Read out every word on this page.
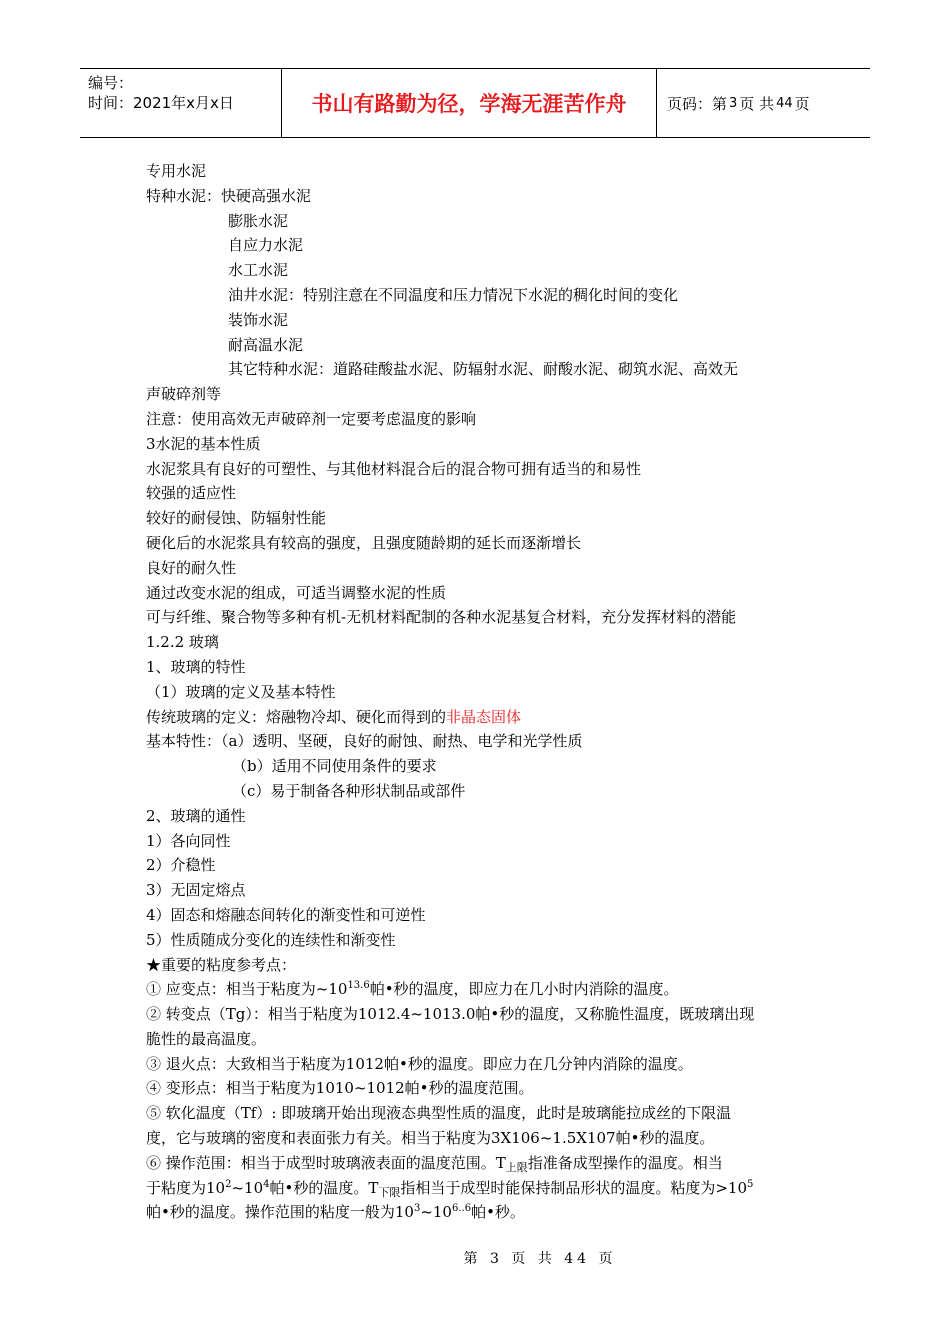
编号：
时间：2021年x月x日	书山有路勤为径，学海无涯苦作舟	页码：第 3 页 共 44 页
专用水泥
特种水泥：快硬高强水泥
膨胀水泥
自应力水泥
水工水泥
油井水泥：特别注意在不同温度和压力情况下水泥的稠化时间的变化
装饰水泥
耐高温水泥
其它特种水泥：道路硅酸盐水泥、防辐射水泥、耐酸水泥、砌筑水泥、高效无
声破碎剂等
注意：使用高效无声破碎剂一定要考虑温度的影响
3水泥的基本性质
水泥浆具有良好的可塑性、与其他材料混合后的混合物可拥有适当的和易性
较强的适应性
较好的耐侵蚀、防辐射性能
硬化后的水泥浆具有较高的强度，且强度随龄期的延长而逐渐增长
良好的耐久性
通过改变水泥的组成，可适当调整水泥的性质
可与纤维、聚合物等多种有机-无机材料配制的各种水泥基复合材料，充分发挥材料的潜能
1.2.2 玻璃
1、玻璃的特性
（1）玻璃的定义及基本特性
传统玻璃的定义：熔融物冷却、硬化而得到的非晶态固体
基本特性：（a）透明、坚硬，良好的耐蚀、耐热、电学和光学性质
（b）适用不同使用条件的要求
（c）易于制备各种形状制品或部件
2、玻璃的通性
1）各向同性
2）介稳性
3）无固定熔点
4）固态和熔融态间转化的渐变性和可逆性
5）性质随成分变化的连续性和渐变性
★重要的粘度参考点：
① 应变点：相当于粘度为$\sim 10^{13.6}$帕•秒的温度，即应力在几小时内消除的温度。
② 转变点（Tg）：相当于粘度为1012.4~1013.0帕•秒的温度，又称脆性温度，既玻璃出现
脆性的最高温度。
③ 退火点：大致相当于粘度为1012帕•秒的温度。即应力在几分钟内消除的温度。
④ 变形点：相当于粘度为1010~1012帕•秒的温度范围。
⑤ 软化温度（Tf）: 即玻璃开始出现液态典型性质的温度，此时是玻璃能拉成丝的下限温
度，它与玻璃的密度和表面张力有关。相当于粘度为3X106~1.5X107帕•秒的温度。
⑥ 操作范围：相当于成型时玻璃液表面的温度范围。$T_{上限}$指准备成型操作的温度。相当
于粘度为$10^2\sim 10^4$帕•秒的温度。$T_{下限}$指相当于成型时能保持制品形状的温度。粘度为$>10^5$
帕•秒的温度。操作范围的粘度一般为$10^3\sim 10^{6..6}$帕•秒。
第 3 页 共 44 页
